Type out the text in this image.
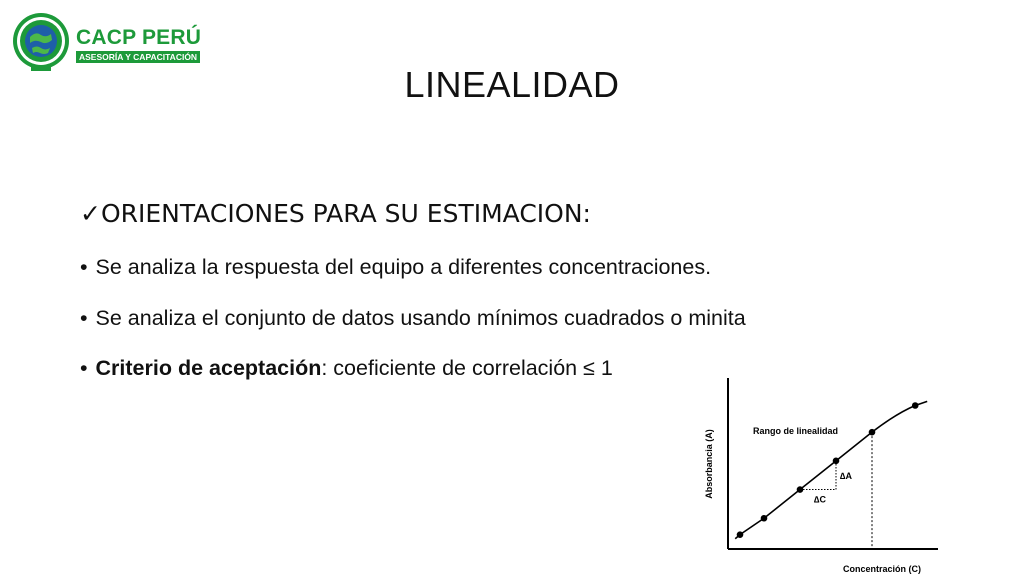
CACP PERÚ
ASESORÍA Y CAPACITACIÓN
LINEALIDAD
✓ORIENTACIONES PARA SU ESTIMACION:
• Se analiza la respuesta del equipo a diferentes concentraciones.
• Se analiza el conjunto de datos usando mínimos cuadrados o minita
• Criterio de aceptación: coeficiente de correlación ≤ 1
Absorbancia (A)
Concentración (C)
Rango de linealidad
∆A
∆C
